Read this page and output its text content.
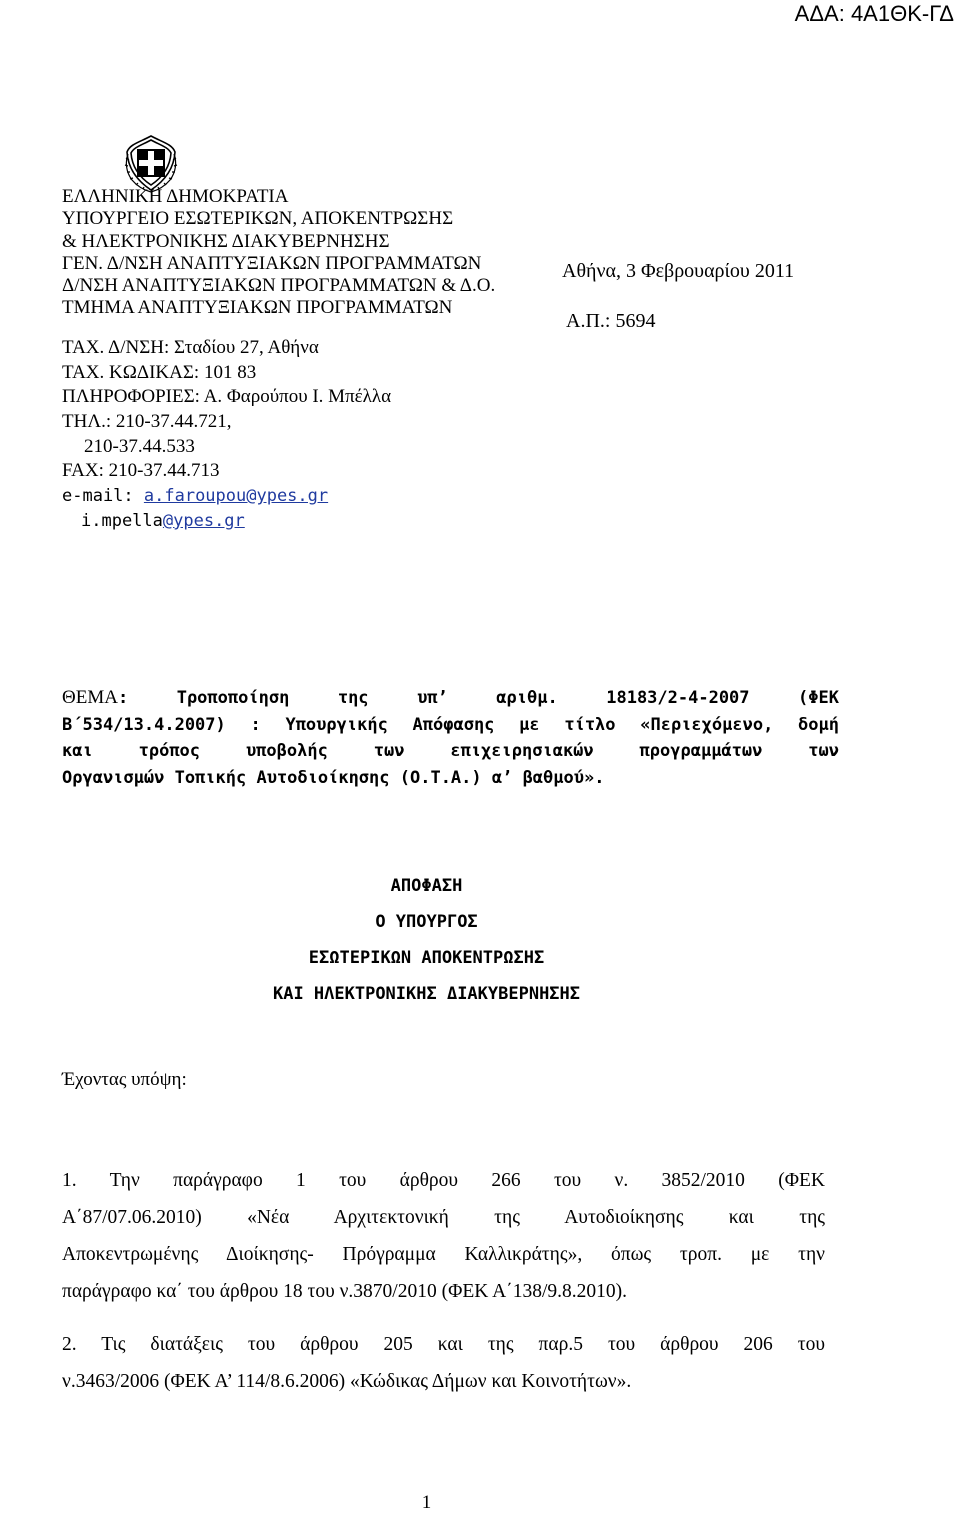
ΑΔΑ: 4Α1ΘΚ-ΓΔ
ΕΛΛΗΝΙΚΗ ΔΗΜΟΚΡΑΤΙΑ
ΥΠΟΥΡΓΕΙΟ ΕΣΩΤΕΡΙΚΩΝ, ΑΠΟΚΕΝΤΡΩΣΗΣ
& ΗΛΕΚΤΡΟΝΙΚΗΣ ΔΙΑΚΥΒΕΡΝΗΣΗΣ
ΓΕΝ. Δ/ΝΣΗ ΑΝΑΠΤΥΞΙΑΚΩΝ ΠΡΟΓΡΑΜΜΑΤΩΝ
Δ/ΝΣΗ ΑΝΑΠΤΥΞΙΑΚΩΝ ΠΡΟΓΡΑΜΜΑΤΩΝ & Δ.Ο.
ΤΜΗΜΑ ΑΝΑΠΤΥΞΙΑΚΩΝ ΠΡΟΓΡΑΜΜΑΤΩΝ
Αθήνα, 3 Φεβρουαρίου 2011
Α.Π.: 5694
ΤΑΧ. Δ/ΝΣΗ: Σταδίου 27, Αθήνα
ΤΑΧ. ΚΩΔΙΚΑΣ: 101 83
ΠΛΗΡΟΦΟΡΙΕΣ: Α. Φαρούπου Ι. Μπέλλα
ΤΗΛ.: 210-37.44.721,
210-37.44.533
FAX: 210-37.44.713
e-mail: a.faroupou@ypes.gr
i.mpella@ypes.gr
ΘΕΜΑ: Τροποποίηση της υπ’ αριθμ. 18183/2-4-2007 (ΦΕΚ
Β΄534/13.4.2007) : Υπουργικής Απόφασης με τίτλο «Περιεχόμενο, δομή
και τρόπος υποβολής των επιχειρησιακών προγραμμάτων των
Οργανισμών Τοπικής Αυτοδιοίκησης (Ο.Τ.Α.) α’ βαθμού».
ΑΠΟΦΑΣΗ
Ο ΥΠΟΥΡΓΟΣ
ΕΣΩΤΕΡΙΚΩΝ ΑΠΟΚΕΝΤΡΩΣΗΣ
ΚΑΙ ΗΛΕΚΤΡΟΝΙΚΗΣ ΔΙΑΚΥΒΕΡΝΗΣΗΣ
Έχοντας υπόψη:
1. Την παράγραφο 1 του άρθρου 266 του ν. 3852/2010 (ΦΕΚ
Α΄87/07.06.2010) «Νέα Αρχιτεκτονική της Αυτοδιοίκησης και της
Αποκεντρωμένης Διοίκησης- Πρόγραμμα Καλλικράτης», όπως τροπ. με την
παράγραφο κα΄ του άρθρου 18 του ν.3870/2010 (ΦΕΚ Α΄138/9.8.2010).
2. Τις διατάξεις του άρθρου 205 και της παρ.5 του άρθρου 206 του
ν.3463/2006 (ΦΕΚ Α’ 114/8.6.2006) «Κώδικας Δήμων και Κοινοτήτων».
1
